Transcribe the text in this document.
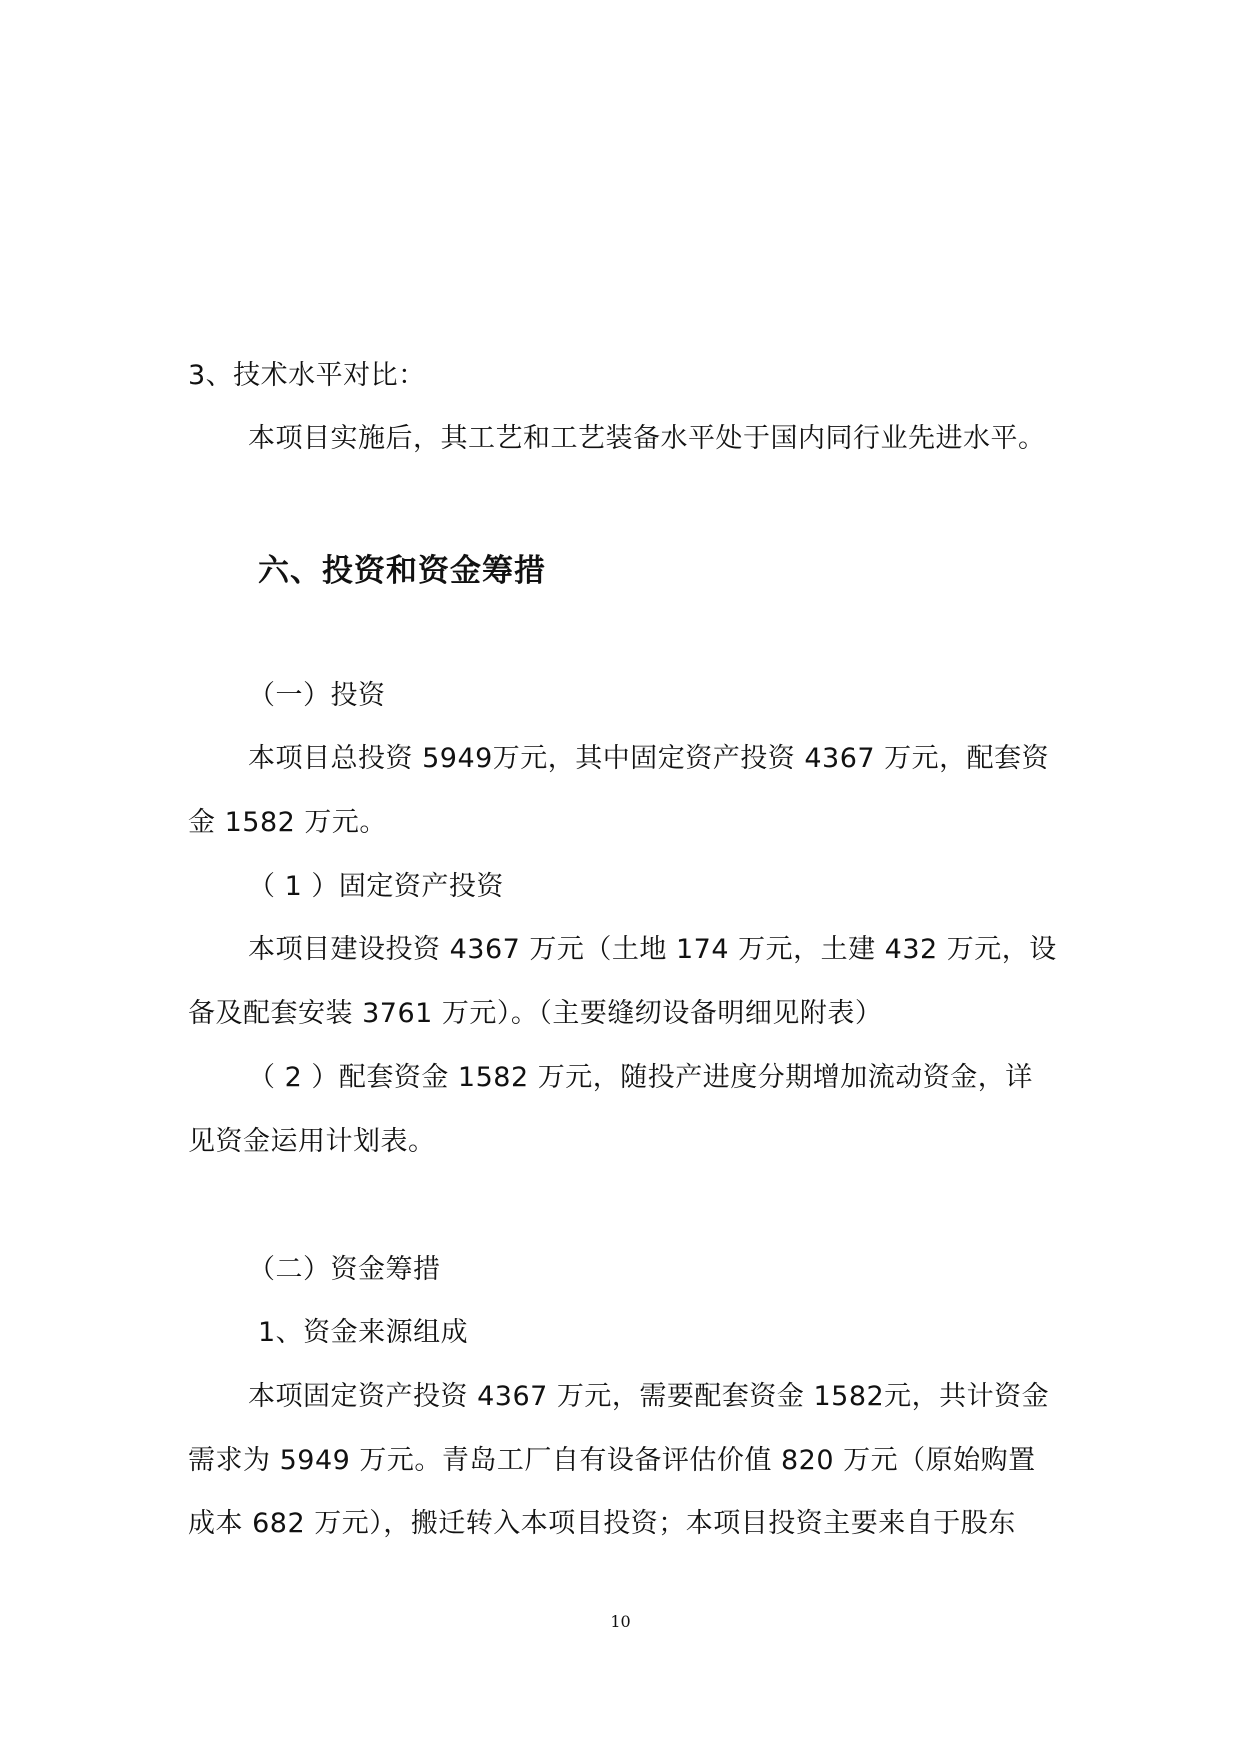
3、技术水平对比：
本项目实施后，其工艺和工艺装备水平处于国内同行业先进水平。
六、投资和资金筹措
（一）投资
本项目总投资 5949万元，其中固定资产投资 4367 万元，配套资
金 1582 万元。
（ 1 ）固定资产投资
本项目建设投资 4367 万元（土地 174 万元，土建 432 万元，设
备及配套安装 3761 万元）。（主要缝纫设备明细见附表）
（ 2 ）配套资金 1582 万元，随投产进度分期增加流动资金，详
见资金运用计划表。
（二）资金筹措
1、资金来源组成
本项固定资产投资 4367 万元，需要配套资金 1582元，共计资金
需求为 5949 万元。青岛工厂自有设备评估价值 820 万元（原始购置
成本 682 万元），搬迁转入本项目投资；本项目投资主要来自于股东
10
